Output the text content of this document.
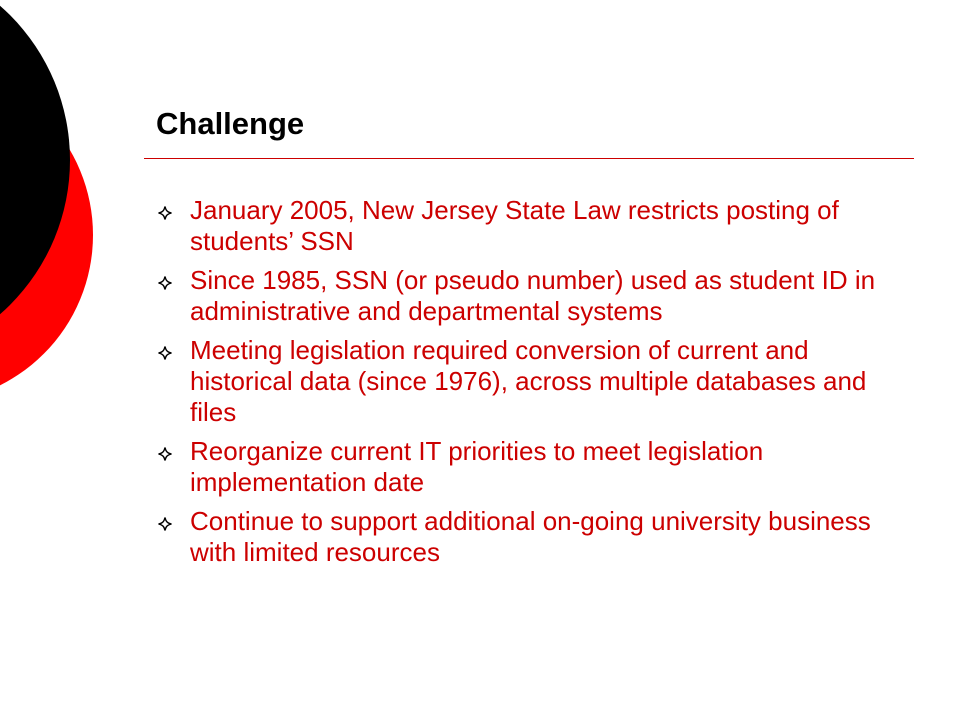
Challenge
January 2005, New Jersey State Law restricts posting of students’ SSN
Since 1985, SSN (or pseudo number) used as student ID in administrative and departmental systems
Meeting legislation required conversion of current and historical data (since 1976), across multiple databases and files
Reorganize current IT priorities to meet legislation implementation date
Continue to support additional on-going university business with limited resources
